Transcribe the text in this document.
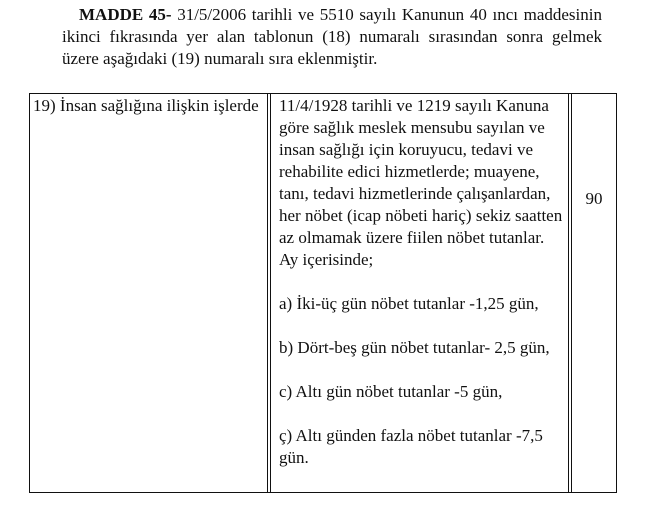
MADDE 45- 31/5/2006 tarihli ve 5510 sayılı Kanunun 40 ıncı maddesinin ikinci fıkrasında yer alan tablonun (18) numaralı sırasından sonra gelmek üzere aşağıdaki (19) numaralı sıra eklenmiştir.
19) İnsan sağlığına ilişkin işlerde	11/4/1928 tarihli ve 1219 sayılı Kanuna göre sağlık meslek mensubu sayılan ve insan sağlığı için koruyucu, tedavi ve rehabilite edici hizmetlerde; muayene, tanı, tedavi hizmetlerinde çalışanlardan, her nöbet (icap nöbeti hariç) sekiz saatten az olmamak üzere fiilen nöbet tutanlar. Ay içerisinde;

a) İki-üç gün nöbet tutanlar -1,25 gün,

b) Dört-beş gün nöbet tutanlar- 2,5 gün,

c) Altı gün nöbet tutanlar -5 gün,

ç) Altı günden fazla nöbet tutanlar -7,5 gün.

90
